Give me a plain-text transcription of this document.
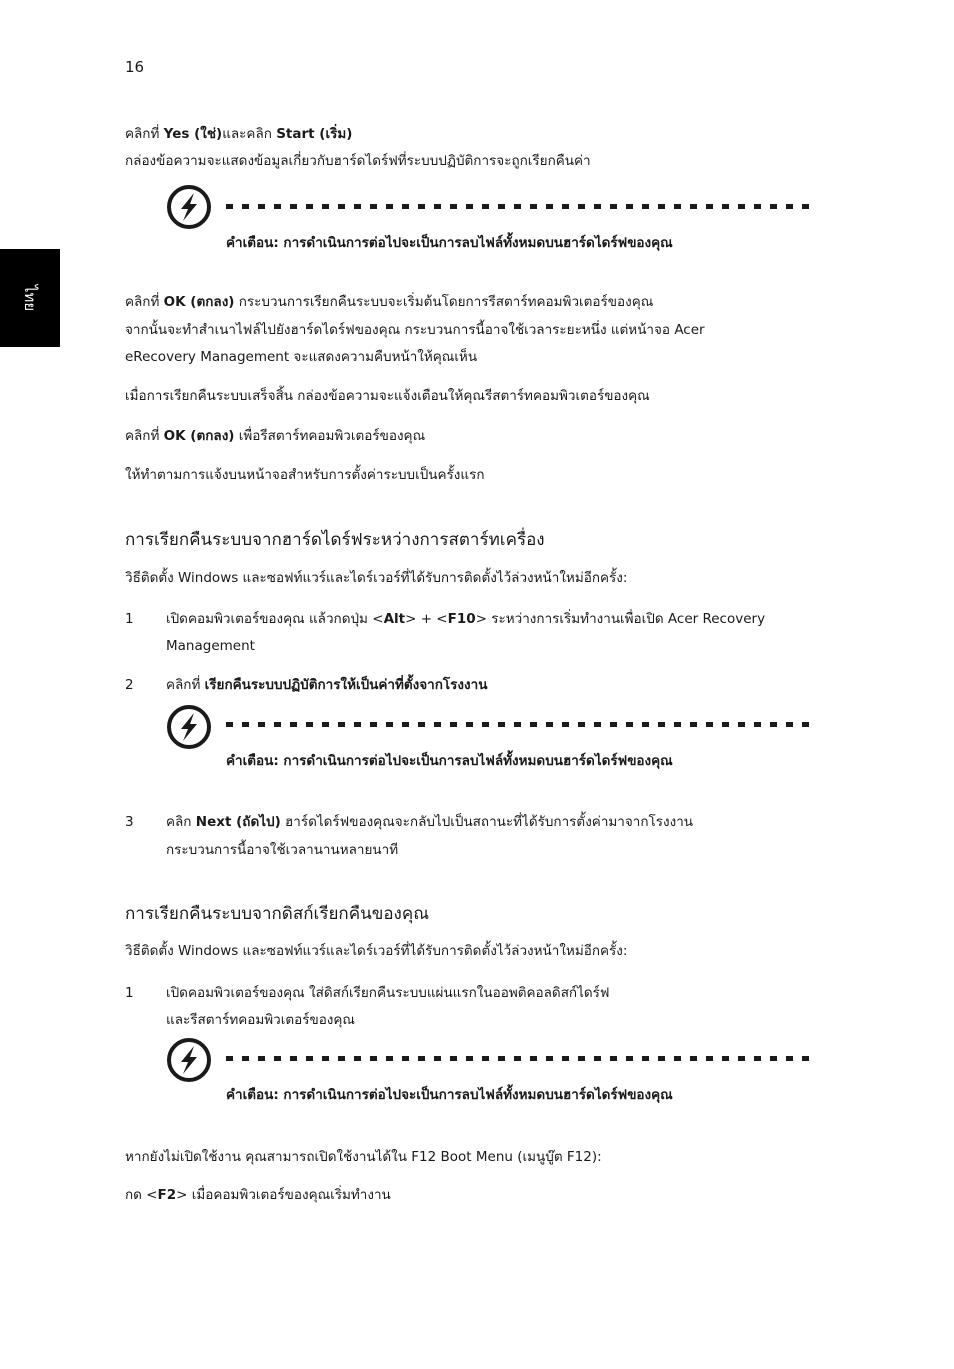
16
ไทย
คลิกที่ Yes (ใช่)และคลิก Start (เริ่ม)
กล่องข้อความจะแสดงข้อมูลเกี่ยวกับฮาร์ดไดร์ฟที่ระบบปฏิบัติการจะถูกเรียกคืนค่า
คำเตือน: การดำเนินการต่อไปจะเป็นการลบไฟล์ทั้งหมดบนฮาร์ดไดร์ฟของคุณ
คลิกที่ OK (ตกลง) กระบวนการเรียกคืนระบบจะเริ่มต้นโดยการรีสตาร์ทคอมพิวเตอร์ของคุณ
จากนั้นจะทำสำเนาไฟล์ไปยังฮาร์ดไดร์ฟของคุณ กระบวนการนี้อาจใช้เวลาระยะหนึ่ง แต่หน้าจอ Acer
eRecovery Management จะแสดงความคืบหน้าให้คุณเห็น
เมื่อการเรียกคืนระบบเสร็จสิ้น กล่องข้อความจะแจ้งเตือนให้คุณรีสตาร์ทคอมพิวเตอร์ของคุณ
คลิกที่ OK (ตกลง) เพื่อรีสตาร์ทคอมพิวเตอร์ของคุณ
ให้ทำตามการแจ้งบนหน้าจอสำหรับการตั้งค่าระบบเป็นครั้งแรก
การเรียกคืนระบบจากฮาร์ดไดร์ฟระหว่างการสตาร์ทเครื่อง
วิธีติดตั้ง Windows และซอฟท์แวร์และไดร์เวอร์ที่ได้รับการติดตั้งไว้ล่วงหน้าใหม่อีกครั้ง:
1 เปิดคอมพิวเตอร์ของคุณ แล้วกดปุ่ม <Alt> + <F10> ระหว่างการเริ่มทำงานเพื่อเปิด Acer Recovery
Management
2 คลิกที่ เรียกคืนระบบปฏิบัติการให้เป็นค่าที่ตั้งจากโรงงาน
คำเตือน: การดำเนินการต่อไปจะเป็นการลบไฟล์ทั้งหมดบนฮาร์ดไดร์ฟของคุณ
3 คลิก Next (ถัดไป) ฮาร์ดไดร์ฟของคุณจะกลับไปเป็นสถานะที่ได้รับการตั้งค่ามาจากโรงงาน
กระบวนการนี้อาจใช้เวลานานหลายนาที
การเรียกคืนระบบจากดิสก์เรียกคืนของคุณ
วิธีติดตั้ง Windows และซอฟท์แวร์และไดร์เวอร์ที่ได้รับการติดตั้งไว้ล่วงหน้าใหม่อีกครั้ง:
1 เปิดคอมพิวเตอร์ของคุณ ใส่ดิสก์เรียกคืนระบบแผ่นแรกในออพติคอลดิสก์ไดร์ฟ
และรีสตาร์ทคอมพิวเตอร์ของคุณ
คำเตือน: การดำเนินการต่อไปจะเป็นการลบไฟล์ทั้งหมดบนฮาร์ดไดร์ฟของคุณ
หากยังไม่เปิดใช้งาน คุณสามารถเปิดใช้งานได้ใน F12 Boot Menu (เมนูบู๊ต F12):
กด <F2> เมื่อคอมพิวเตอร์ของคุณเริ่มทำงาน
